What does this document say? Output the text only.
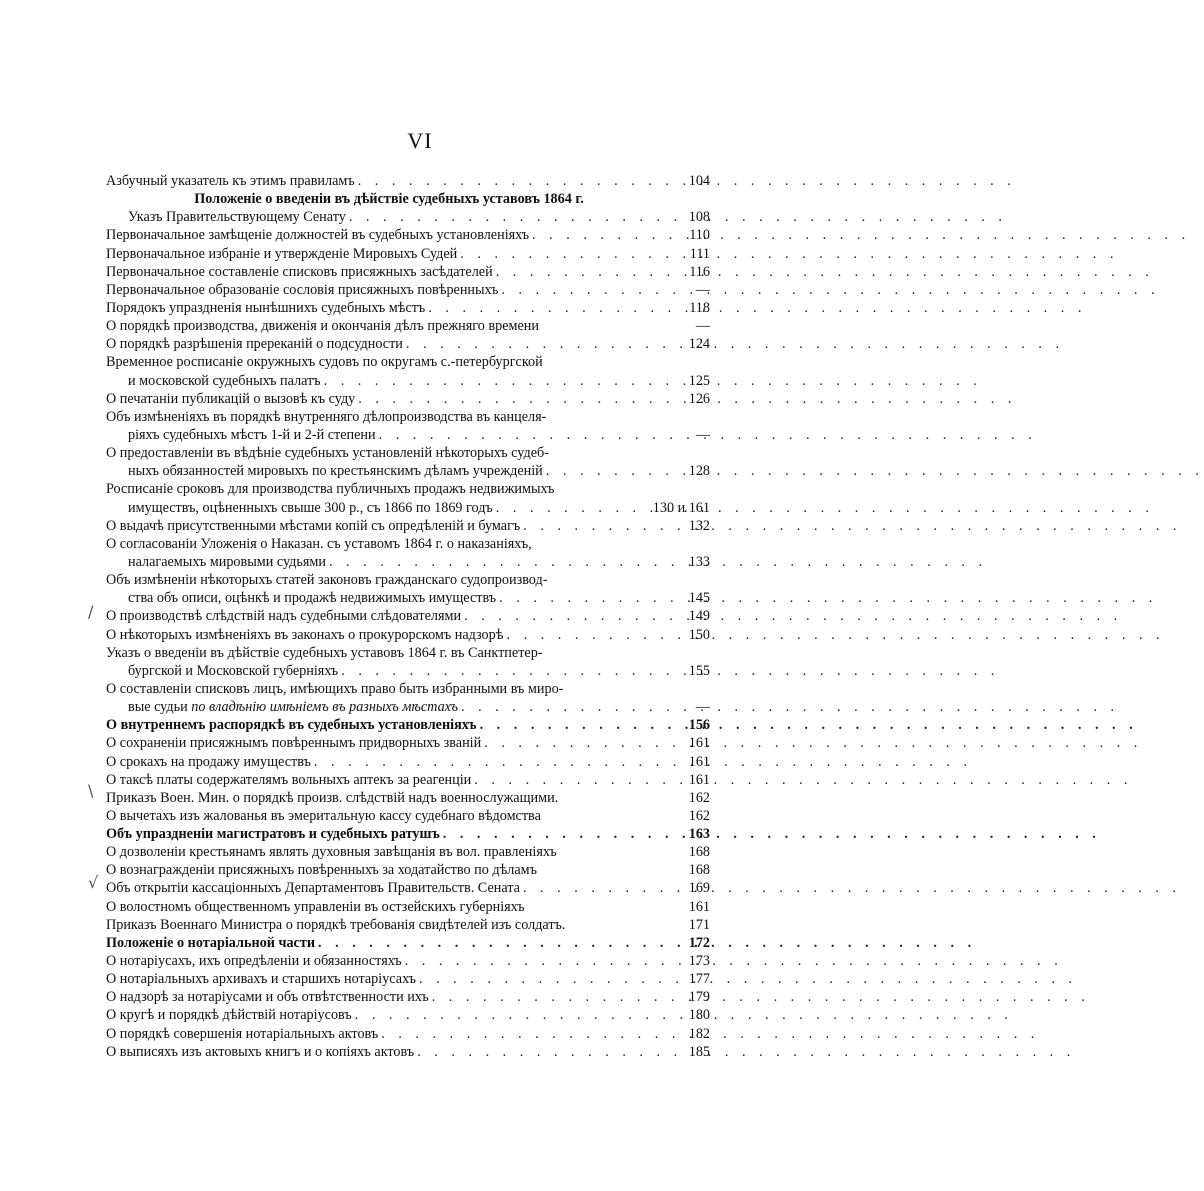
VI
/
\
√
Азбучный указатель къ этимъ правиламъ . . .	104
Положеніе о введеніи въ дѣйствіе судебныхъ уставовъ 1864 г.
Указъ Правительствующему Сенату . . .	108
Первоначальное замѣщеніе должностей въ судебныхъ установленіяхъ . . .	110
Первоначальное избраніе и утвержденіе Мировыхъ Судей . . .	111
Первоначальное составленіе списковъ присяжныхъ засѣдателей . . .	116
Первоначальное образованіе сословія присяжныхъ повѣренныхъ . . .	—
Порядокъ упраздненія нынѣшнихъ судебныхъ мѣстъ . . .	118
О порядкѣ производства, движенія и окончанія дѣлъ прежняго времени	—
О порядкѣ разрѣшенія пререканій о подсудности . . .	124
Временное росписаніе окружныхъ судовъ по округамъ с.-петербургской
и московской судебныхъ палатъ . . .	125
О печатаніи публикацій о вызовѣ къ суду . . .	126
Объ измѣненіяхъ въ порядкѣ внутренняго дѣлопроизводства въ канцеля-
ріяхъ судебныхъ мѣстъ 1-й и 2-й степени . . .	—
О предоставленіи въ вѣдѣніе судебныхъ установленій нѣкоторыхъ судеб-
ныхъ обязанностей мировыхъ по крестьянскимъ дѣламъ учрежденій . . .	128
Росписаніе сроковъ для производства публичныхъ продажъ недвижимыхъ
имуществъ, оцѣненныхъ свыше 300 р., съ 1866 по 1869 годъ . . .	130 и 161
О выдачѣ присутственными мѣстами копій съ опредѣленій и бумагъ . . .	132
О согласованіи Уложенія о Наказан. съ уставомъ 1864 г. о наказаніяхъ,
налагаемыхъ мировыми судьями . . .	133
Объ измѣненіи нѣкоторыхъ статей законовъ гражданскаго судопроизвод-
ства объ описи, оцѣнкѣ и продажѣ недвижимыхъ имуществъ . . .	145
О производствѣ слѣдствій надъ судебными слѣдователями . . .	149
О нѣкоторыхъ измѣненіяхъ въ законахъ о прокурорскомъ надзорѣ . . .	150
Указъ о введеніи въ дѣйствіе судебныхъ уставовъ 1864 г. въ Санктпетер-
бургской и Московской губерніяхъ . . .	155
О составленіи списковъ лицъ, имѣющихъ право быть избранными въ миро-
вые судьи по владѣнію имѣніемъ въ разныхъ мѣстахъ . . .	—
О внутреннемъ распорядкѣ въ судебныхъ установленіяхъ . . .	156
О сохраненіи присяжнымъ повѣреннымъ придворныхъ званій . . .	161
О срокахъ на продажу имуществъ . . .	161
О таксѣ платы содержателямъ вольныхъ аптекъ за реагенціи . . .	161
Приказъ Воен. Мин. о порядкѣ произв. слѣдствій надъ военнослужащими.	162
О вычетахъ изъ жалованья въ эмеритальную кассу судебнаго вѣдомства	162
Объ упраздненіи магистратовъ и судебныхъ ратушъ . . .	163
О дозволеніи крестьянамъ являть духовныя завѣщанія въ вол. правленіяхъ	168
О вознагражденіи присяжныхъ повѣренныхъ за ходатайство по дѣламъ	168
Объ открытіи кассаціонныхъ Департаментовъ Правительств. Сената . . .	169
О волостномъ общественномъ управленіи въ остзейскихъ губерніяхъ	161
Приказъ Военнаго Министра о порядкѣ требованія свидѣтелей изъ солдатъ.	171
Положеніе о нотаріальной части . . .	172
О нотаріусахъ, ихъ опредѣленіи и обязанностяхъ . . .	173
О нотаріальныхъ архивахъ и старшихъ нотаріусахъ . . .	177
О надзорѣ за нотаріусами и объ отвѣтственности ихъ . . .	179
О кругѣ и порядкѣ дѣйствій нотаріусовъ . . .	180
О порядкѣ совершенія нотаріальныхъ актовъ . . .	182
О выписяхъ изъ актовыхъ книгъ и о копіяхъ актовъ . . .	185
